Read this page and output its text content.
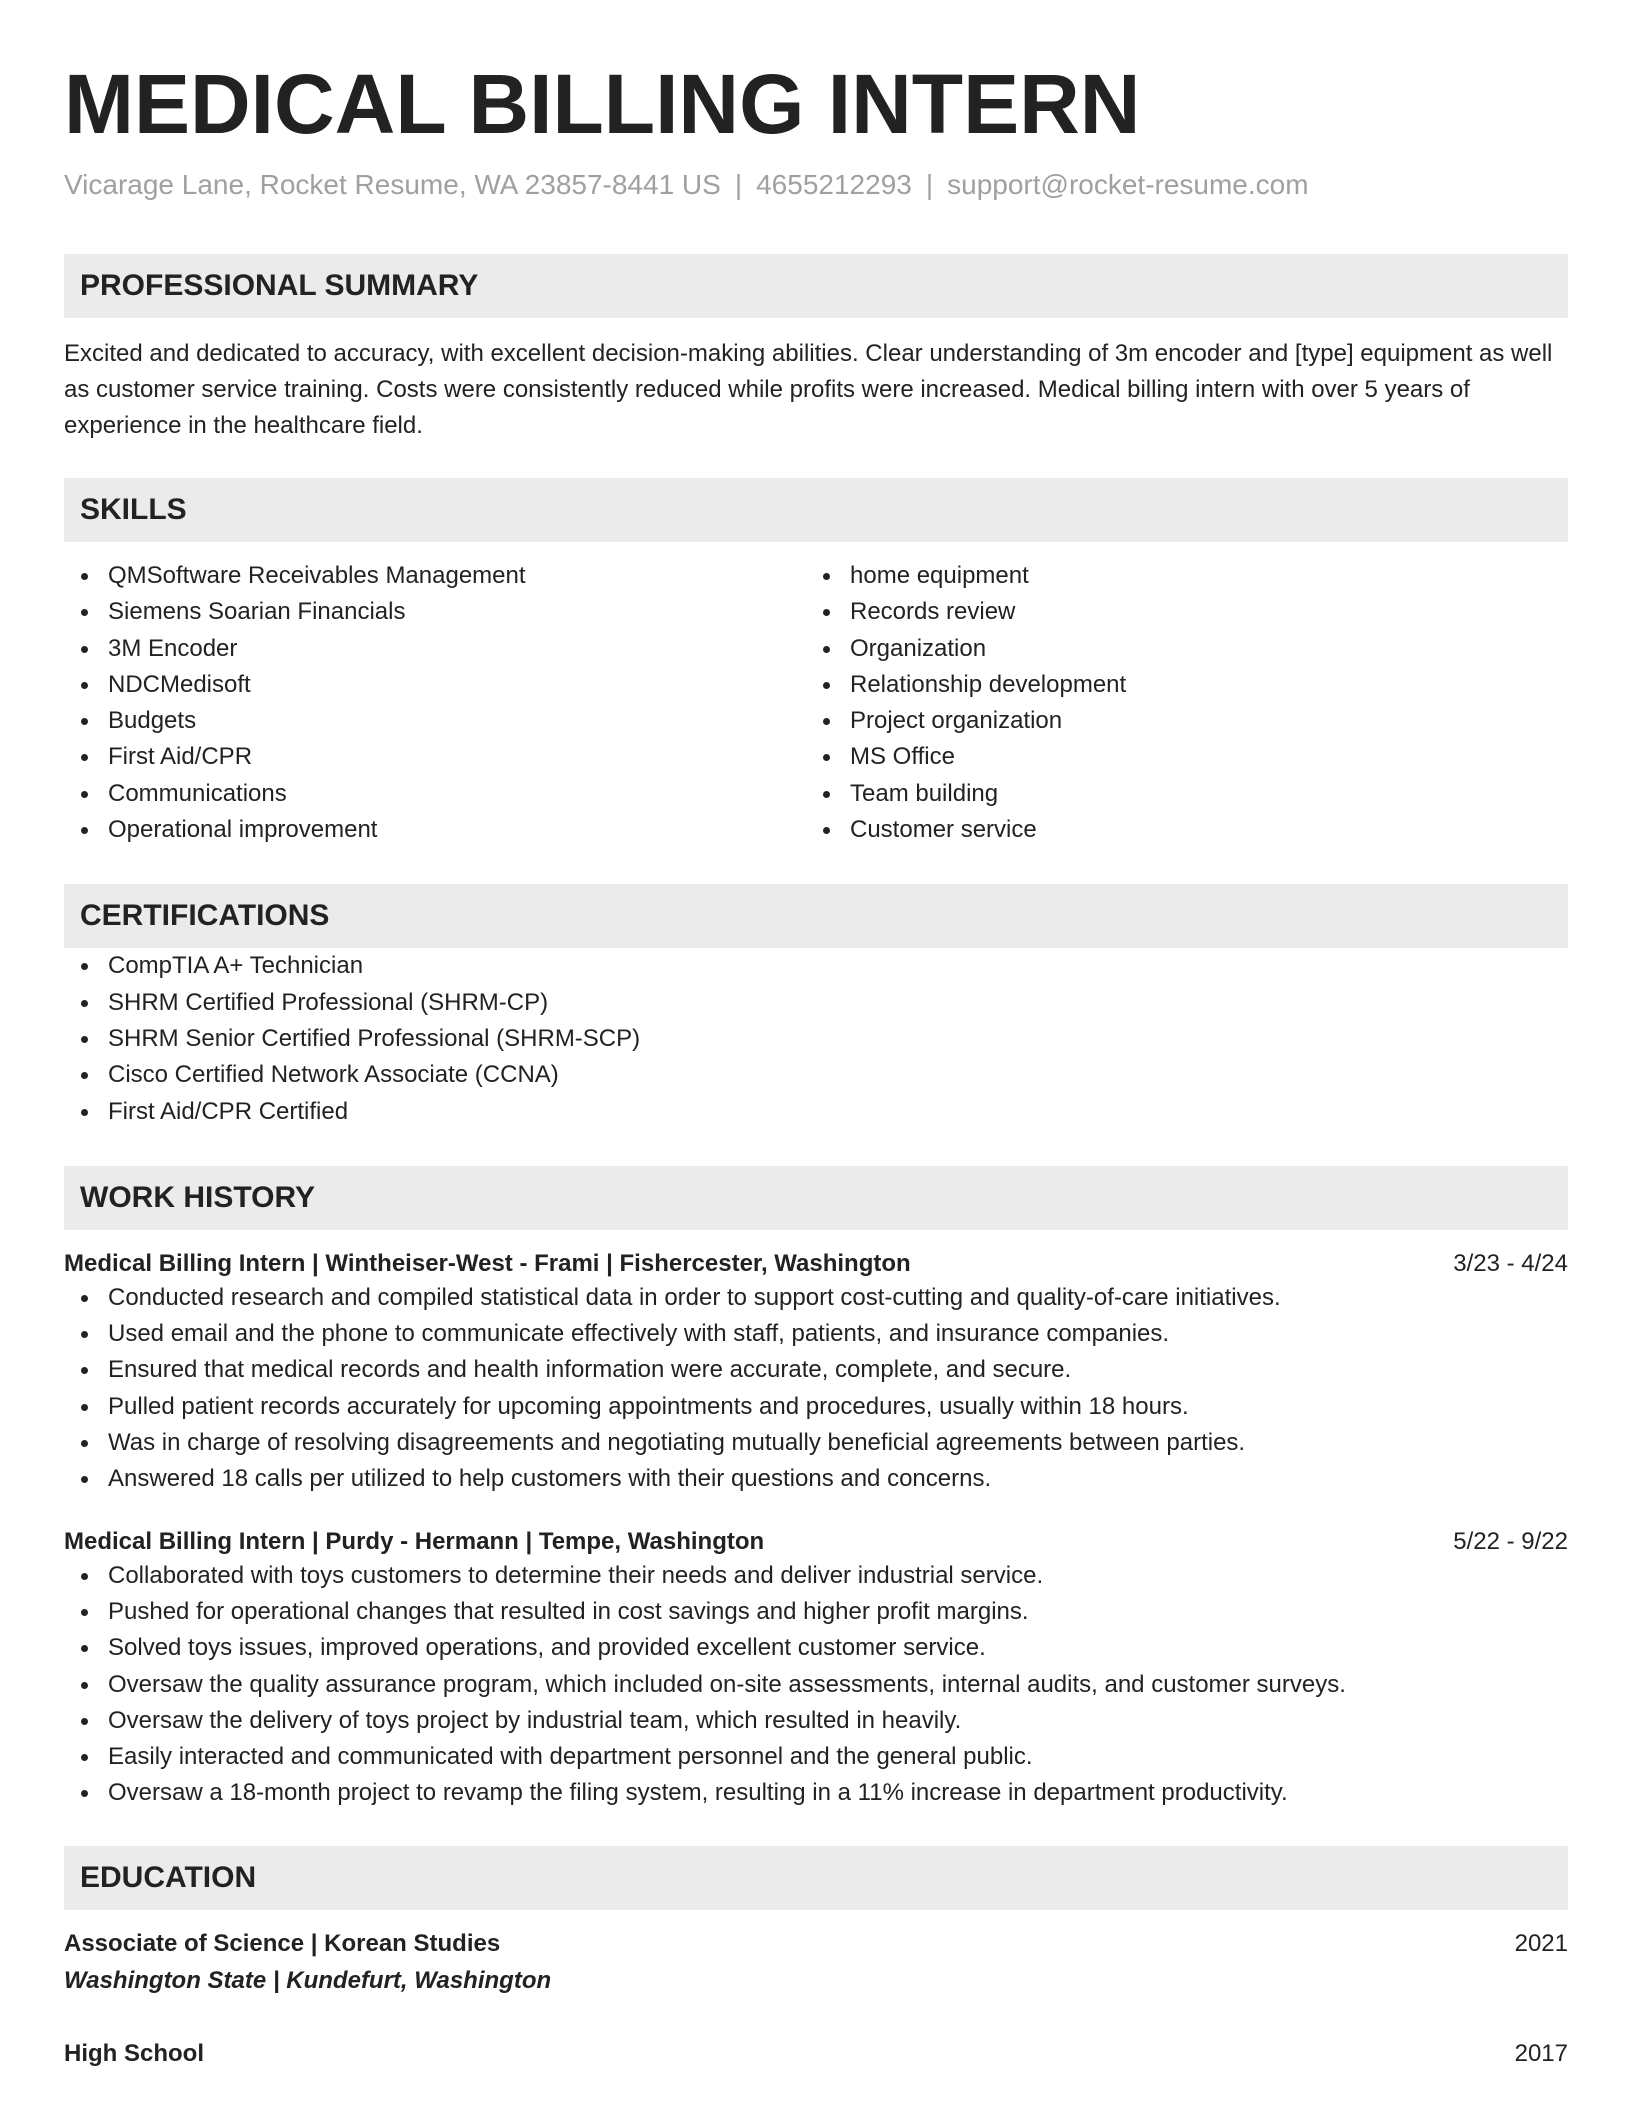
MEDICAL BILLING INTERN
Vicarage Lane, Rocket Resume, WA 23857-8441 US | 4655212293 | support@rocket-resume.com
PROFESSIONAL SUMMARY

Excited and dedicated to accuracy, with excellent decision-making abilities. Clear understanding of 3m encoder and [type] equipment as well as customer service training. Costs were consistently reduced while profits were increased. Medical billing intern with over 5 years of experience in the healthcare field.

SKILLS
QMSoftware Receivables Management
Siemens Soarian Financials
3M Encoder
NDCMedisoft
Budgets
First Aid/CPR
Communications
Operational improvement
home equipment
Records review
Organization
Relationship development
Project organization
MS Office
Team building
Customer service
CERTIFICATIONS
CompTIA A+ Technician
SHRM Certified Professional (SHRM-CP)
SHRM Senior Certified Professional (SHRM-SCP)
Cisco Certified Network Associate (CCNA)
First Aid/CPR Certified
WORK HISTORY
Medical Billing Intern | Wintheiser-West - Frami | Fishercester, Washington	3/23 - 4/24
Conducted research and compiled statistical data in order to support cost-cutting and quality-of-care initiatives.
Used email and the phone to communicate effectively with staff, patients, and insurance companies.
Ensured that medical records and health information were accurate, complete, and secure.
Pulled patient records accurately for upcoming appointments and procedures, usually within 18 hours.
Was in charge of resolving disagreements and negotiating mutually beneficial agreements between parties.
Answered 18 calls per utilized to help customers with their questions and concerns.
Medical Billing Intern | Purdy - Hermann | Tempe, Washington	5/22 - 9/22
Collaborated with toys customers to determine their needs and deliver industrial service.
Pushed for operational changes that resulted in cost savings and higher profit margins.
Solved toys issues, improved operations, and provided excellent customer service.
Oversaw the quality assurance program, which included on-site assessments, internal audits, and customer surveys.
Oversaw the delivery of toys project by industrial team, which resulted in heavily.
Easily interacted and communicated with department personnel and the general public.
Oversaw a 18-month project to revamp the filing system, resulting in a 11% increase in department productivity.
EDUCATION
Associate of Science | Korean Studies	2021
Washington State | Kundefurt, Washington
High School	2017
